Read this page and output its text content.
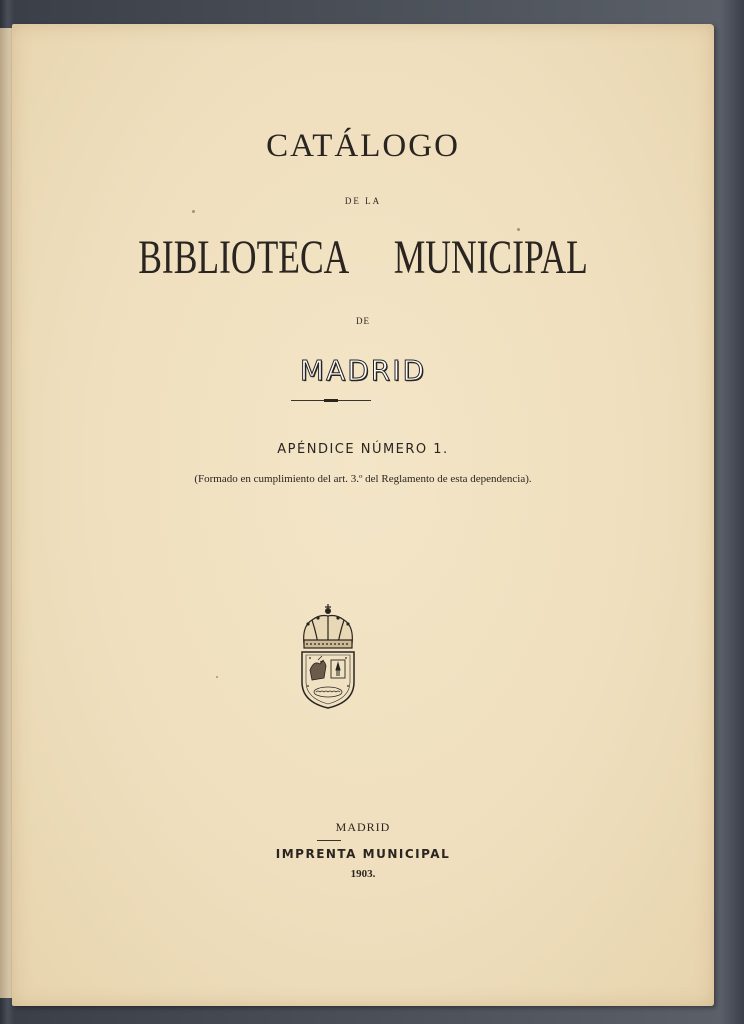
CATÁLOGO
DE LA
BIBLIOTECA MUNICIPAL
DE
MADRID
APÉNDICE NÚMERO 1.
(Formado en cumplimiento del art. 3.º del Reglamento de esta dependencia).
MADRID
IMPRENTA MUNICIPAL
1903.
